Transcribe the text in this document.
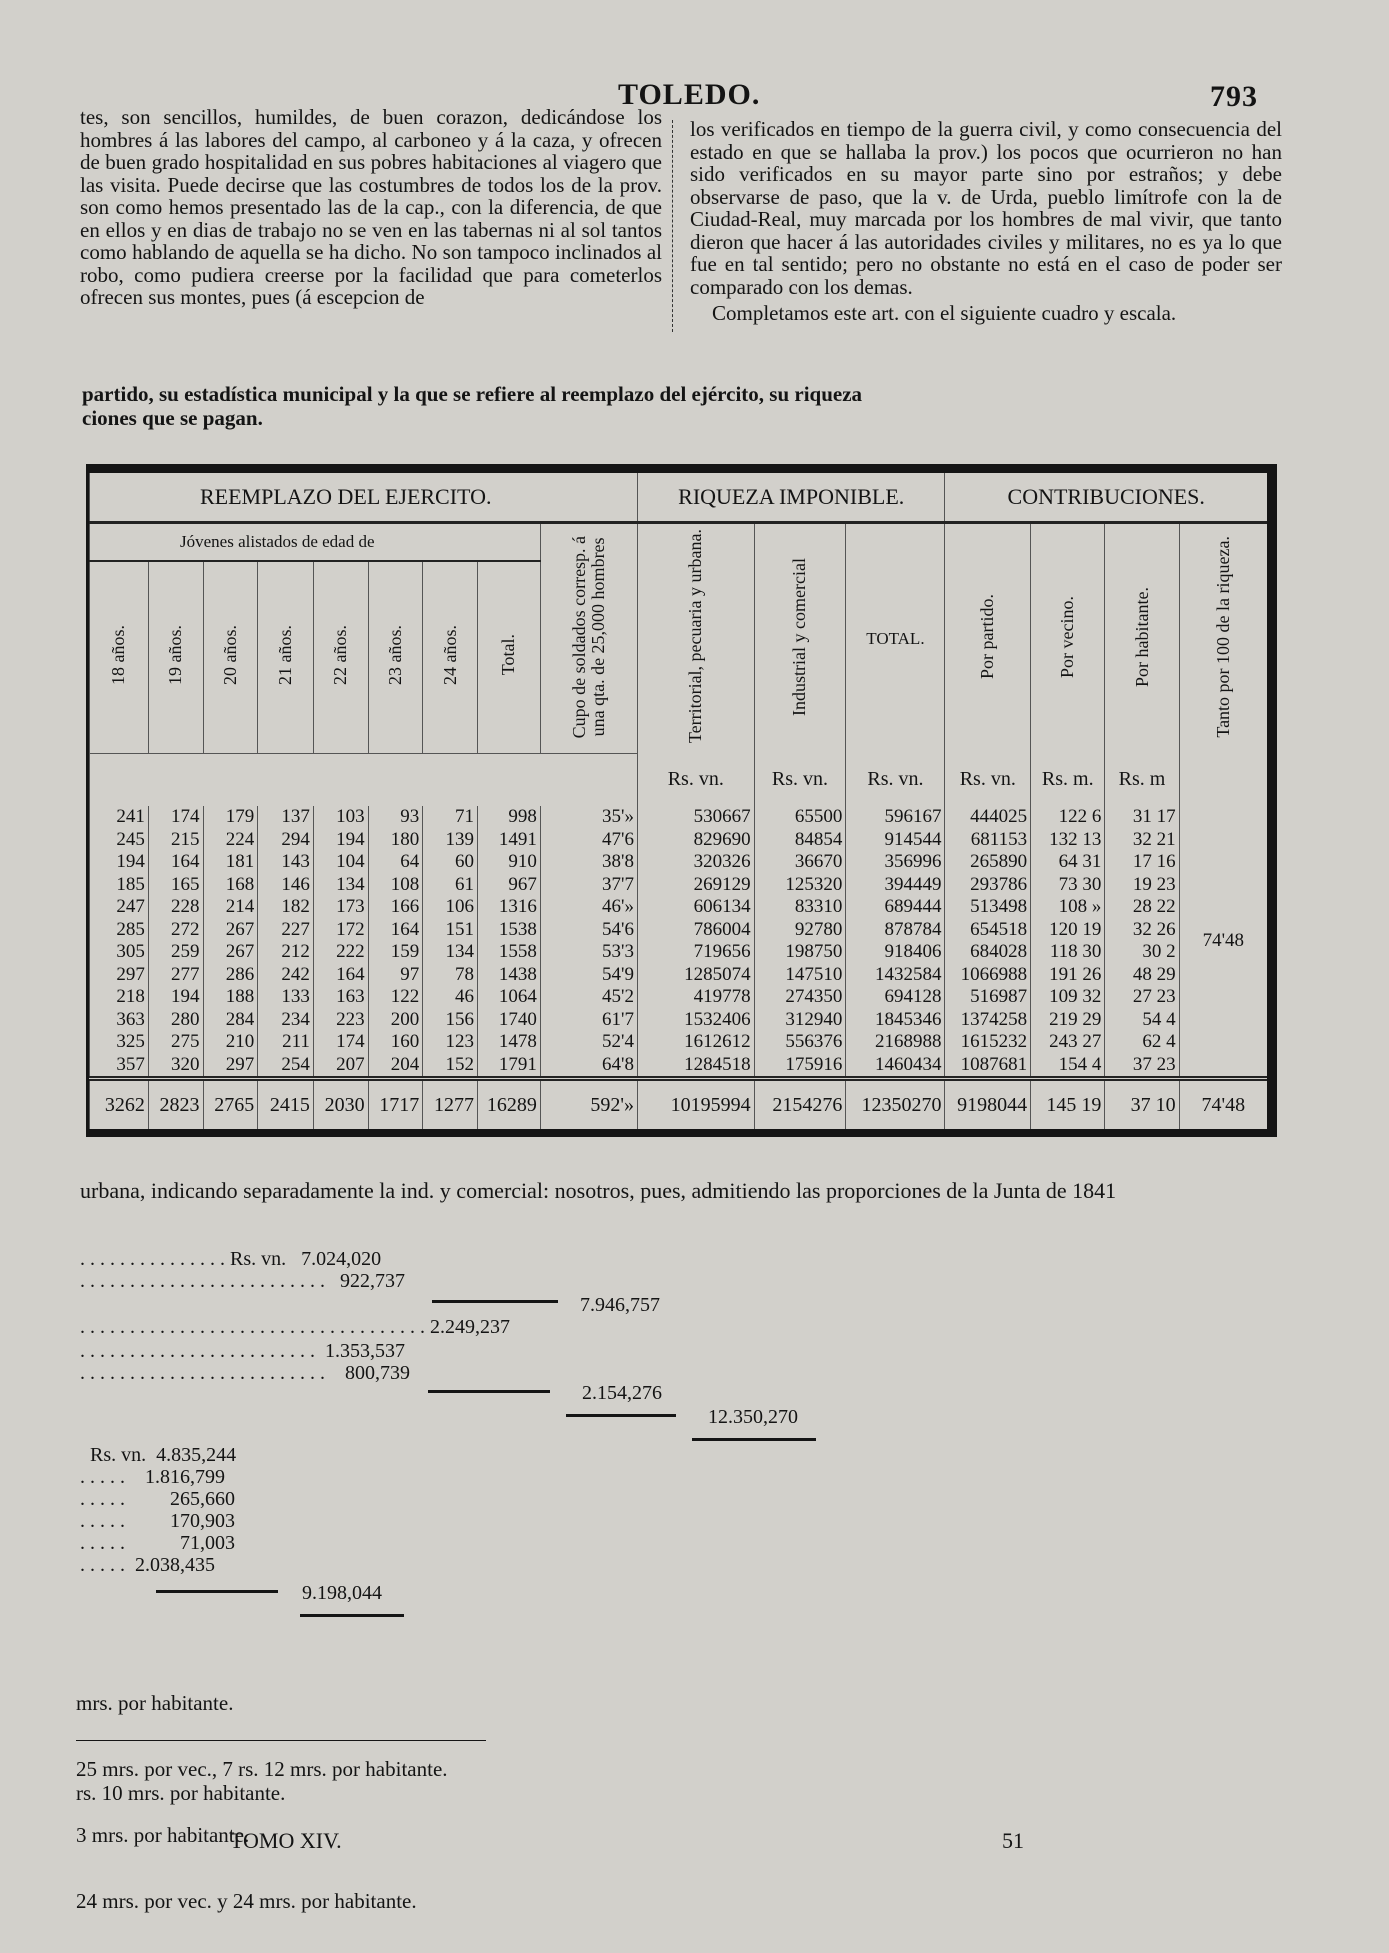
TOLEDO.	793

tes, son sencillos, humildes, de buen corazon, dedicándose los hombres á las labores del campo, al carboneo y á la caza, y ofrecen de buen grado hospitalidad en sus pobres habitaciones al viagero que las visita. Puede decirse que las costumbres de todos los de la prov. son como hemos presentado las de la cap., con la diferencia, de que en ellos y en dias de trabajo no se ven en las tabernas ni al sol tantos como hablando de aquella se ha dicho. No son tampoco inclinados al robo, como pudiera creerse por la facilidad que para cometerlos ofrecen sus montes, pues (á escepcion de

los verificados en tiempo de la guerra civil, y como consecuencia del estado en que se hallaba la prov.) los pocos que ocurrieron no han sido verificados en su mayor parte sino por estraños; y debe observarse de paso, que la v. de Urda, pueblo limítrofe con la de Ciudad-Real, muy marcada por los hombres de mal vivir, que tanto dieron que hacer á las autoridades civiles y militares, no es ya lo que fue en tal sentido; pero no obstante no está en el caso de poder ser comparado con los demas.

Completamos este art. con el siguiente cuadro y escala.

partido, su estadística municipal y la que se refiere al reemplazo del ejército, su riqueza
ciones que se pagan.
REEMPLAZO DEL EJERCITO.									RIQUEZA IMPONIBLE.			CONTRIBUCIONES.			
Jóvenes alistados de edad de								Cupo de soldados corresp. á una qta. de 25,000 hombres	Territorial, pecuaria y urbana.	Industrial y comercial	TOTAL.	Por partido.	Por vecino.	Por habitante.	Tanto por 100 de la riqueza.
18 años.	19 años.	20 años.	21 años.	22 años.	23 años.	24 años.	Total.								
									Rs. vn.	Rs. vn.	Rs. vn.	Rs. vn.	Rs. m.	Rs. m	
241	174	179	137	103	93	71	998	35'»	530667	65500	596167	444025	122 6	31 17	74'48
245	215	224	294	194	180	139	1491	47'6	829690	84854	914544	681153	132 13	32 21	
194	164	181	143	104	64	60	910	38'8	320326	36670	356996	265890	64 31	17 16	
185	165	168	146	134	108	61	967	37'7	269129	125320	394449	293786	73 30	19 23	
247	228	214	182	173	166	106	1316	46'»	606134	83310	689444	513498	108 »	28 22	
285	272	267	227	172	164	151	1538	54'6	786004	92780	878784	654518	120 19	32 26	
305	259	267	212	222	159	134	1558	53'3	719656	198750	918406	684028	118 30	30 2	
297	277	286	242	164	97	78	1438	54'9	1285074	147510	1432584	1066988	191 26	48 29	
218	194	188	133	163	122	46	1064	45'2	419778	274350	694128	516987	109 32	27 23	
363	280	284	234	223	200	156	1740	61'7	1532406	312940	1845346	1374258	219 29	54 4	
325	275	210	211	174	160	123	1478	52'4	1612612	556376	2168988	1615232	243 27	62 4	
357	320	297	254	207	204	152	1791	64'8	1284518	175916	1460434	1087681	154 4	37 23	
3262	2823	2765	2415	2030	1717	1277	16289	592'»	10195994	2154276	12350270	9198044	145 19	37 10	74'48
urbana, indicando separadamente la ind. y comercial: nosotros, pues, admitiendo las proporciones de la Junta de 1841
. . . . . . . . . . . . . . . Rs. vn. 7.024,020
. . . . . . . . . . . . . . . . . . . . . . . . .   922,737
7.946,757
. . . . . . . . . . . . . . . . . . . . . . . . . . . . . . . . . . . 2.249,237
. . . . . . . . . . . . . . . . . . . . . . . .  1.353,537
. . . . . . . . . . . . . . . . . . . . . . . . .    800,739
2.154,276
12.350,270
Rs. vn. 4.835,244
. . . . .    1.816,799
. . . . .         265,660
. . . . .         170,903
. . . . .           71,003
. . . . .  2.038,435
9.198,044

mrs. por habitante.

25 mrs. por vec., 7 rs. 12 mrs. por habitante.

3 mrs. por habitante.

24 mrs. por vec. y 24 mrs. por habitante.

rs. 10 mrs. por habitante.
TOMO XIV.	51
